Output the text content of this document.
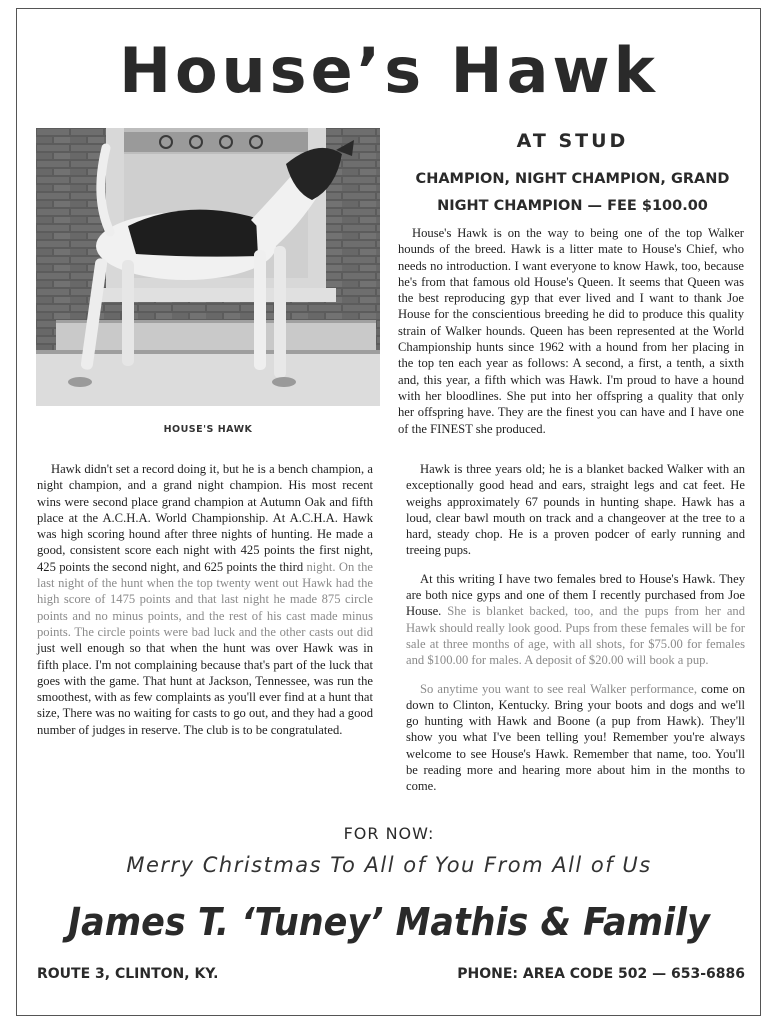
House’s Hawk
HOUSE'S HAWK
AT STUD
CHAMPION, NIGHT CHAMPION, GRAND
NIGHT CHAMPION — FEE $100.00

House's Hawk is on the way to being one of the top Walker hounds of the breed. Hawk is a litter mate to House's Chief, who needs no introduction. I want everyone to know Hawk, too, because he's from that famous old House's Queen. It seems that Queen was the best reproducing gyp that ever lived and I want to thank Joe House for the conscientious breeding he did to produce this quality strain of Walker hounds. Queen has been represented at the World Championship hunts since 1962 with a hound from her placing in the top ten each year as follows: A second, a first, a tenth, a sixth and, this year, a fifth which was Hawk. I'm proud to have a hound with her bloodlines. She put into her offspring a quality that only her offspring have. They are the finest you can have and I have one of the FINEST she produced.

Hawk didn't set a record doing it, but he is a bench champion, a night champion, and a grand night champion. His most recent wins were second place grand champion at Autumn Oak and fifth place at the A.C.H.A. World Championship. At A.C.H.A. Hawk was high scoring hound after three nights of hunting. He made a good, consistent score each night with 425 points the first night, 425 points the second night, and 625 points the third night. On the last night of the hunt when the top twenty went out Hawk had the high score of 1475 points and that last night he made 875 circle points and no minus points, and the rest of his cast made minus points. The circle points were bad luck and the other casts out did just well enough so that when the hunt was over Hawk was in fifth place. I'm not complaining because that's part of the luck that goes with the game. That hunt at Jackson, Tennessee, was run the smoothest, with as few complaints as you'll ever find at a hunt that size, There was no waiting for casts to go out, and they had a good number of judges in reserve. The club is to be congratulated.

Hawk is three years old; he is a blanket backed Walker with an exceptionally good head and ears, straight legs and cat feet. He weighs approximately 67 pounds in hunting shape. Hawk has a loud, clear bawl mouth on track and a changeover at the tree to a hard, steady chop. He is a proven podcer of early running and treeing pups.

At this writing I have two females bred to House's Hawk. They are both nice gyps and one of them I recently purchased from Joe House. She is blanket backed, too, and the pups from her and Hawk should really look good. Pups from these females will be for sale at three months of age, with all shots, for $75.00 for females and $100.00 for males. A deposit of $20.00 will book a pup.

So anytime you want to see real Walker performance, come on down to Clinton, Kentucky. Bring your boots and dogs and we'll go hunting with Hawk and Boone (a pup from Hawk). They'll show you what I've been telling you! Remember you're always welcome to see House's Hawk. Remember that name, too. You'll be reading more and hearing more about him in the months to come.

FOR NOW:
Merry Christmas To All of You From All of Us
James T. ‘Tuney’ Mathis & Family
ROUTE 3, CLINTON, KY.	PHONE: AREA CODE 502 — 653-6886
